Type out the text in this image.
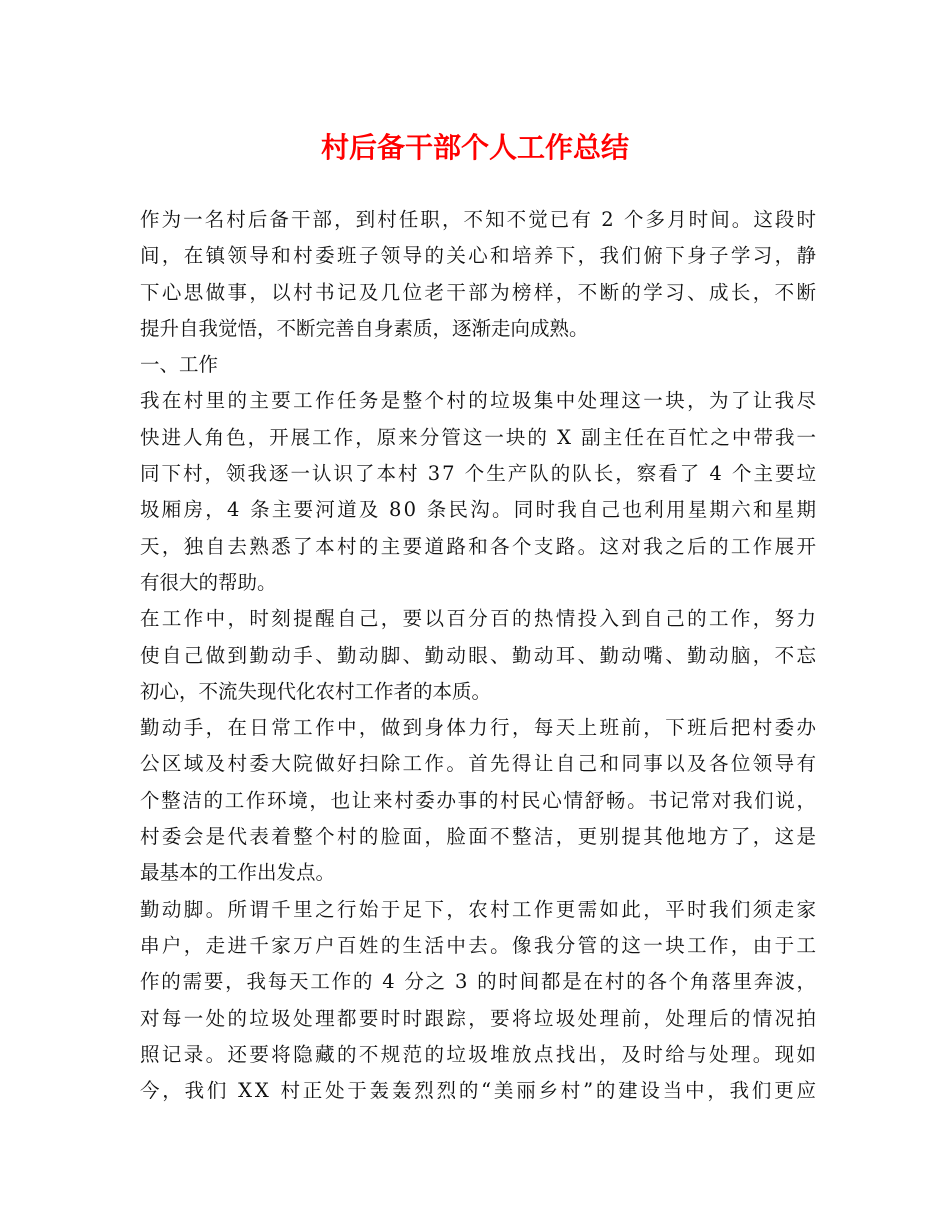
村后备干部个人工作总结
作为一名村后备干部，到村任职，不知不觉已有 2 个多月时间。这段时
间，在镇领导和村委班子领导的关心和培养下，我们俯下身子学习，静
下心思做事，以村书记及几位老干部为榜样，不断的学习、成长，不断
提升自我觉悟，不断完善自身素质，逐渐走向成熟。
一、工作
我在村里的主要工作任务是整个村的垃圾集中处理这一块，为了让我尽
快进人角色，开展工作，原来分管这一块的 X 副主任在百忙之中带我一
同下村，领我逐一认识了本村 37 个生产队的队长，察看了 4 个主要垃
圾厢房，4 条主要河道及 80 条民沟。同时我自己也利用星期六和星期
天，独自去熟悉了本村的主要道路和各个支路。这对我之后的工作展开
有很大的帮助。
在工作中，时刻提醒自己，要以百分百的热情投入到自己的工作，努力
使自己做到勤动手、勤动脚、勤动眼、勤动耳、勤动嘴、勤动脑，不忘
初心，不流失现代化农村工作者的本质。
勤动手，在日常工作中，做到身体力行，每天上班前，下班后把村委办
公区域及村委大院做好扫除工作。首先得让自己和同事以及各位领导有
个整洁的工作环境，也让来村委办事的村民心情舒畅。书记常对我们说，
村委会是代表着整个村的脸面，脸面不整洁，更别提其他地方了，这是
最基本的工作出发点。
勤动脚。所谓千里之行始于足下，农村工作更需如此，平时我们须走家
串户，走进千家万户百姓的生活中去。像我分管的这一块工作，由于工
作的需要，我每天工作的 4 分之 3 的时间都是在村的各个角落里奔波，
对每一处的垃圾处理都要时时跟踪，要将垃圾处理前，处理后的情况拍
照记录。还要将隐藏的不规范的垃圾堆放点找出，及时给与处理。现如
今，我们 XX 村正处于轰轰烈烈的“美丽乡村”的建设当中，我们更应
